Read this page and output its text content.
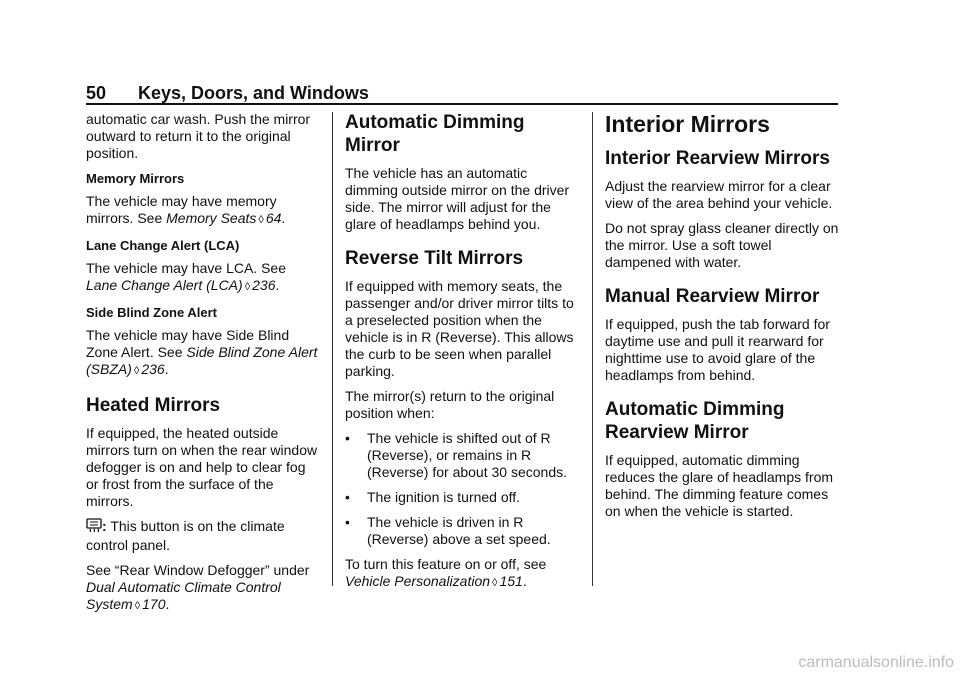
50 Keys, Doors, and Windows

automatic car wash. Push the mirror outward to return it to the original position.

Memory Mirrors

The vehicle may have memory mirrors. See Memory Seats ◊ 64.

Lane Change Alert (LCA)

The vehicle may have LCA. See Lane Change Alert (LCA) ◊ 236.

Side Blind Zone Alert

The vehicle may have Side Blind Zone Alert. See Side Blind Zone Alert (SBZA) ◊ 236.

Heated Mirrors

If equipped, the heated outside mirrors turn on when the rear window defogger is on and help to clear fog or frost from the surface of the mirrors.

: This button is on the climate control panel.

See “Rear Window Defogger” under Dual Automatic Climate Control System ◊ 170.

Automatic Dimming Mirror

The vehicle has an automatic dimming outside mirror on the driver side. The mirror will adjust for the glare of headlamps behind you.

Reverse Tilt Mirrors

If equipped with memory seats, the passenger and/or driver mirror tilts to a preselected position when the vehicle is in R (Reverse). This allows the curb to be seen when parallel parking.

The mirror(s) return to the original position when:

• The vehicle is shifted out of R (Reverse), or remains in R (Reverse) for about 30 seconds.
• The ignition is turned off.
• The vehicle is driven in R (Reverse) above a set speed.

To turn this feature on or off, see Vehicle Personalization ◊ 151.

Interior Mirrors
Interior Rearview Mirrors

Adjust the rearview mirror for a clear view of the area behind your vehicle.

Do not spray glass cleaner directly on the mirror. Use a soft towel dampened with water.

Manual Rearview Mirror

If equipped, push the tab forward for daytime use and pull it rearward for nighttime use to avoid glare of the headlamps from behind.

Automatic Dimming Rearview Mirror

If equipped, automatic dimming reduces the glare of headlamps from behind. The dimming feature comes on when the vehicle is started.

carmanualsonline.info
